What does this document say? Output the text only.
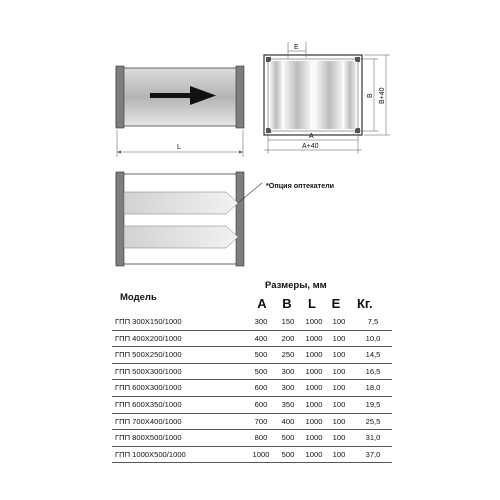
L
E
A
A+40
B B+40
*Опция оптекатели
Модель
Размеры, мм
A	B	L	E	Кг.
ГПП 300Х150/1000	300	150	1000	100	7,5
ГПП 400Х200/1000	400	200	1000	100	10,0
ГПП 500Х250/1000	500	250	1000	100	14,5
ГПП 500Х300/1000	500	300	1000	100	16,5
ГПП 600Х300/1000	600	300	1000	100	18,0
ГПП 600Х350/1000	600	350	1000	100	19,5
ГПП 700Х400/1000	700	400	1000	100	25,5
ГПП 800Х500/1000	800	500	1000	100	31,0
ГПП 1000Х500/1000	1000	500	1000	100	37,0
